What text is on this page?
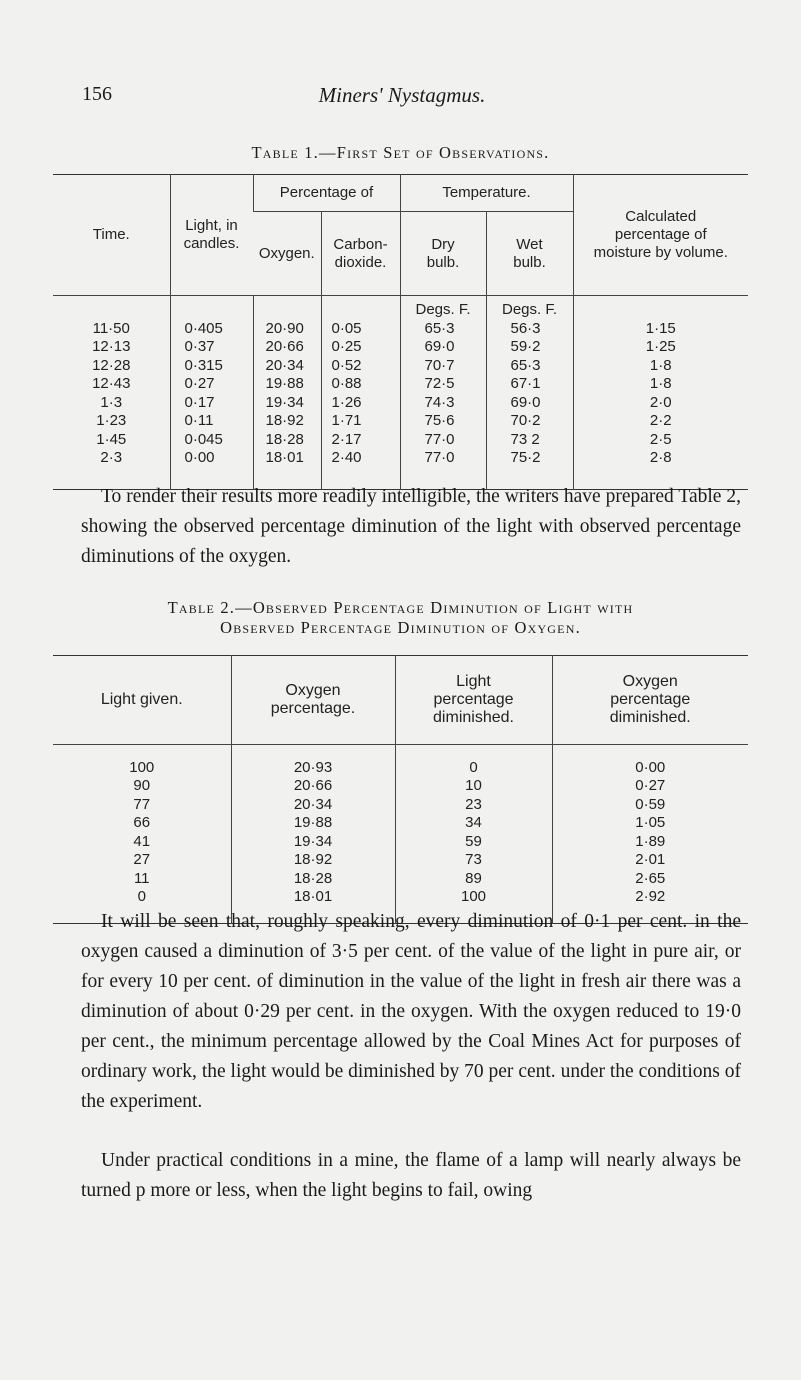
156	Miners' Nystagmus.
Table 1.—First Set of Observations.
Time.	Light, in candles.	Percentage of		Temperature.		Calculated percentage of moisture by volume.
		Oxygen.	Carbon-dioxide.	Dry bulb.	Wet bulb.	
				Degs. F.	Degs. F.	
11·50	0·405	20·90	0·05	65·3	56·3	1·15
12·13	0·37	20·66	0·25	69·0	59·2	1·25
12·28	0·315	20·34	0·52	70·7	65·3	1·8
12·43	0·27	19·88	0·88	72·5	67·1	1·8
1·3	0·17	19·34	1·26	74·3	69·0	2·0
1·23	0·11	18·92	1·71	75·6	70·2	2·2
1·45	0·045	18·28	2·17	77·0	73 2	2·5
2·3	0·00	18·01	2·40	77·0	75·2	2·8
To render their results more readily intelligible, the writers have prepared Table 2, showing the observed percentage diminution of the light with observed percentage diminutions of the oxygen.
Table 2.—Observed Percentage Diminution of Light with
Observed Percentage Diminution of Oxygen.
Light given.	Oxygen percentage.	Light percentage diminished.	Oxygen percentage diminished.

100	20·93	0	0·00
90	20·66	10	0·27
77	20·34	23	0·59
66	19·88	34	1·05
41	19·34	59	1·89
27	18·92	73	2·01
11	18·28	89	2·65
0	18·01	100	2·92
It will be seen that, roughly speaking, every diminution of 0·1 per cent. in the oxygen caused a diminution of 3·5 per cent. of the value of the light in pure air, or for every 10 per cent. of diminution in the value of the light in fresh air there was a diminution of about 0·29 per cent. in the oxygen. With the oxygen reduced to 19·0 per cent., the minimum percentage allowed by the Coal Mines Act for purposes of ordinary work, the light would be diminished by 70 per cent. under the conditions of the experiment.
Under practical conditions in a mine, the flame of a lamp will nearly always be turned p more or less, when the light begins to fail, owing
